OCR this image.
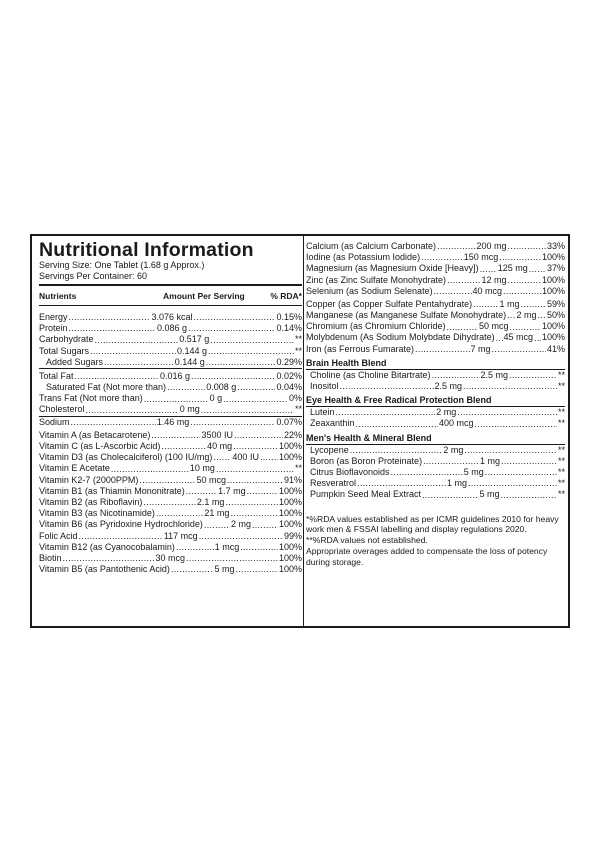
Nutritional Information
Serving Size: One Tablet (1.68 g Approx.)
Servings Per Container: 60
Nutrients	Amount Per Serving	% RDA*
Energy .....	3.076 kcal .....	0.15%
Protein .....	0.086 g .....	0.14%
Carbohydrate .....	0.517 g .....	**
Total Sugars .....	0.144 g .....	**
Added Sugars .....	0.144 g .....	0.29%
Total Fat .....	0.016 g .....	0.02%
Saturated Fat (Not more than) .....	0.008 g .....	0.04%
Trans Fat (Not more than) .....	0 g .....	0%
Cholesterol .....	0 mg .....	**
Sodium .....	1.46 mg .....	0.07%
Vitamin A (as Betacarotene) .....	3500 IU .....	22%
Vitamin C (as L-Ascorbic Acid) .....	40 mg .....	100%
Vitamin D3 (as Cholecalciferol) (100 IU/mg) ..... 400 IU ..... 100%
Vitamin E Acetate .....	10 mg .....	**
Vitamin K2-7 (2000PPM) .....	50 mcg .....	91%
Vitamin B1 (as Thiamin Mononitrate) .....	1.7 mg .....	100%
Vitamin B2 (as Riboflavin) .....	2.1 mg .....	100%
Vitamin B3 (as Nicotinamide) .....	21 mg .....	100%
Vitamin B6 (as Pyridoxine Hydrochloride) .....	2 mg .....	100%
Folic Acid .....	117 mcg .....	99%
Vitamin B12 (as Cyanocobalamin) .....	1 mcg .....	100%
Biotin .....	30 mcg .....	100%
Vitamin B5 (as Pantothenic Acid) .....	5 mg .....	100%
Calcium (as Calcium Carbonate) .....	200 mg .....	33%
Iodine (as Potassium Iodide) .....	150 mcg .....	100%
Magnesium (as Magnesium Oxide [Heavy]) ..... 125 mg ..... 37%
Zinc (as Zinc Sulfate Monohydrate) .....	12 mg .....	100%
Selenium (as Sodium Selenate) .....	40 mcg .....	100%
Copper (as Copper Sulfate Pentahydrate) .....	1 mg .....	59%
Manganese (as Manganese Sulfate Monohydrate) ..... 2 mg ..... 50%
Chromium (as Chromium Chloride) .....	50 mcg .....	100%
Molybdenum (As Sodium Molybdate Dihydrate) ..... 45 mcg ..... 100%
Iron (as Ferrous Fumarate) .....	7 mg .....	41%
Brain Health Blend
Choline (as Choline Bitartrate) .....	2.5 mg .....	**
Inositol .....	2.5 mg .....	**
Eye Health & Free Radical Protection Blend
Lutein .....	2 mg .....	**
Zeaxanthin .....	400 mcg .....	**
Men's Health & Mineral Blend
Lycopene .....	2 mg .....	**
Boron (as Boron Proteinate) .....	1 mg .....	**
Citrus Bioflavonoids .....	5 mg .....	**
Resveratrol .....	1 mg .....	**
Pumpkin Seed Meal Extract .....	5 mg .....	**
*%RDA values established as per ICMR guidelines 2010 for heavy work men & FSSAI labelling and display regulations 2020.
**%RDA values not established.
Appropriate overages added to compensate the loss of potency during storage.
